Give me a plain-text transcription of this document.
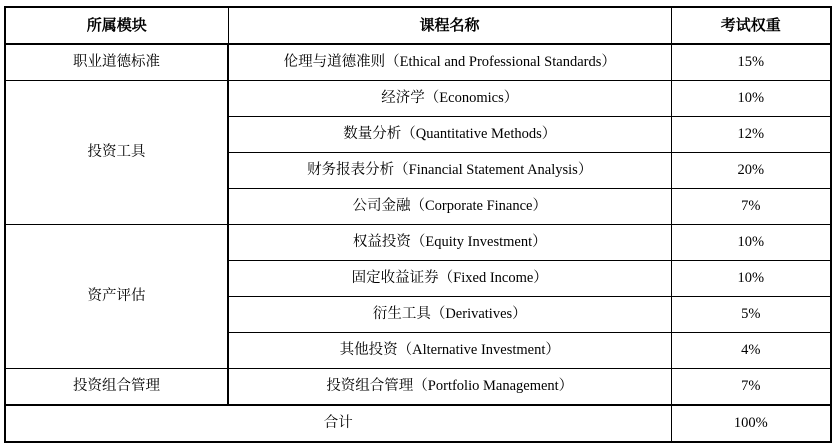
所属模块	课程名称	考试权重
职业道德标准	伦理与道德准则（Ethical and Professional Standards）	15%
投资工具	经济学（Economics）	10%
	数量分析（Quantitative Methods）	12%
	财务报表分析（Financial Statement Analysis）	20%
	公司金融（Corporate Finance）	7%
资产评估	权益投资（Equity Investment）	10%
	固定收益证券（Fixed Income）	10%
	衍生工具（Derivatives）	5%
	其他投资（Alternative Investment）	4%
投资组合管理	投资组合管理（Portfolio Management）	7%
合计		100%
